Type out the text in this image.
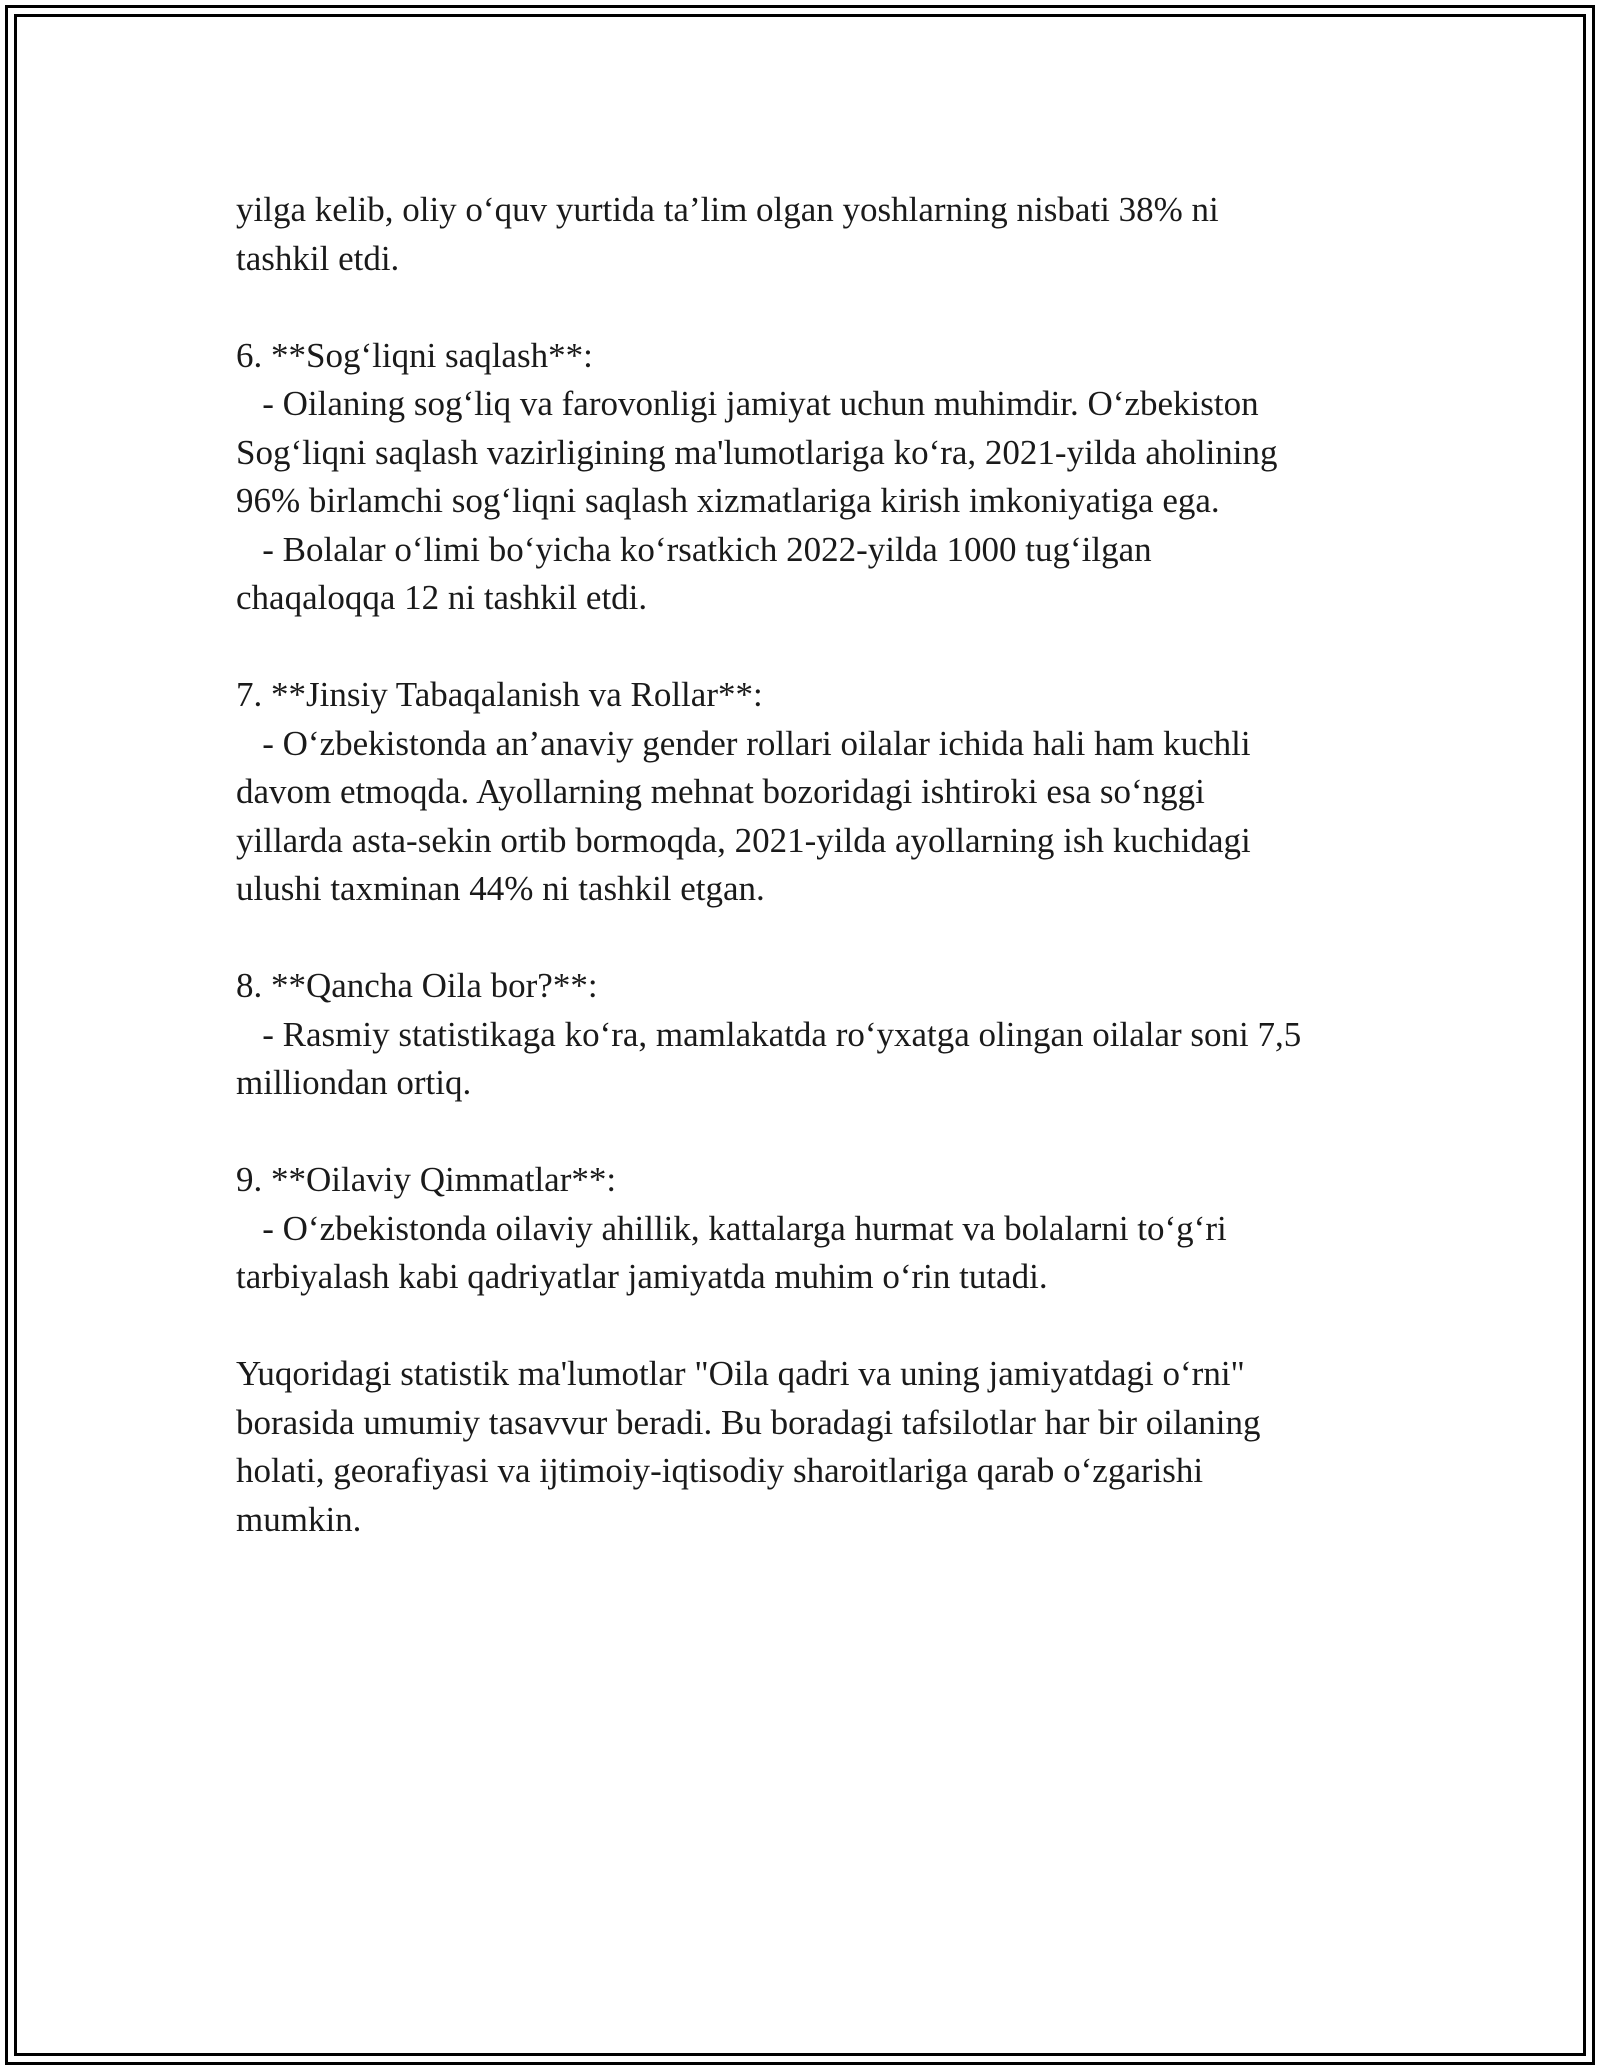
yilga kelib, oliy o‘quv yurtida ta’lim olgan yoshlarning nisbati 38% ni
tashkil etdi.
6. **Sog‘liqni saqlash**:
- Oilaning sog‘liq va farovonligi jamiyat uchun muhimdir. O‘zbekiston
Sog‘liqni saqlash vazirligining ma'lumotlariga ko‘ra, 2021-yilda aholining
96% birlamchi sog‘liqni saqlash xizmatlariga kirish imkoniyatiga ega.
- Bolalar o‘limi bo‘yicha ko‘rsatkich 2022-yilda 1000 tug‘ilgan
chaqaloqqa 12 ni tashkil etdi.
7. **Jinsiy Tabaqalanish va Rollar**:
- O‘zbekistonda an’anaviy gender rollari oilalar ichida hali ham kuchli
davom etmoqda. Ayollarning mehnat bozoridagi ishtiroki esa so‘nggi
yillarda asta-sekin ortib bormoqda, 2021-yilda ayollarning ish kuchidagi
ulushi taxminan 44% ni tashkil etgan.
8. **Qancha Oila bor?**:
- Rasmiy statistikaga ko‘ra, mamlakatda ro‘yxatga olingan oilalar soni 7,5
milliondan ortiq.
9. **Oilaviy Qimmatlar**:
- O‘zbekistonda oilaviy ahillik, kattalarga hurmat va bolalarni to‘g‘ri
tarbiyalash kabi qadriyatlar jamiyatda muhim o‘rin tutadi.
Yuqoridagi statistik ma'lumotlar "Oila qadri va uning jamiyatdagi o‘rni"
borasida umumiy tasavvur beradi. Bu boradagi tafsilotlar har bir oilaning
holati, georafiyasi va ijtimoiy-iqtisodiy sharoitlariga qarab o‘zgarishi
mumkin.
